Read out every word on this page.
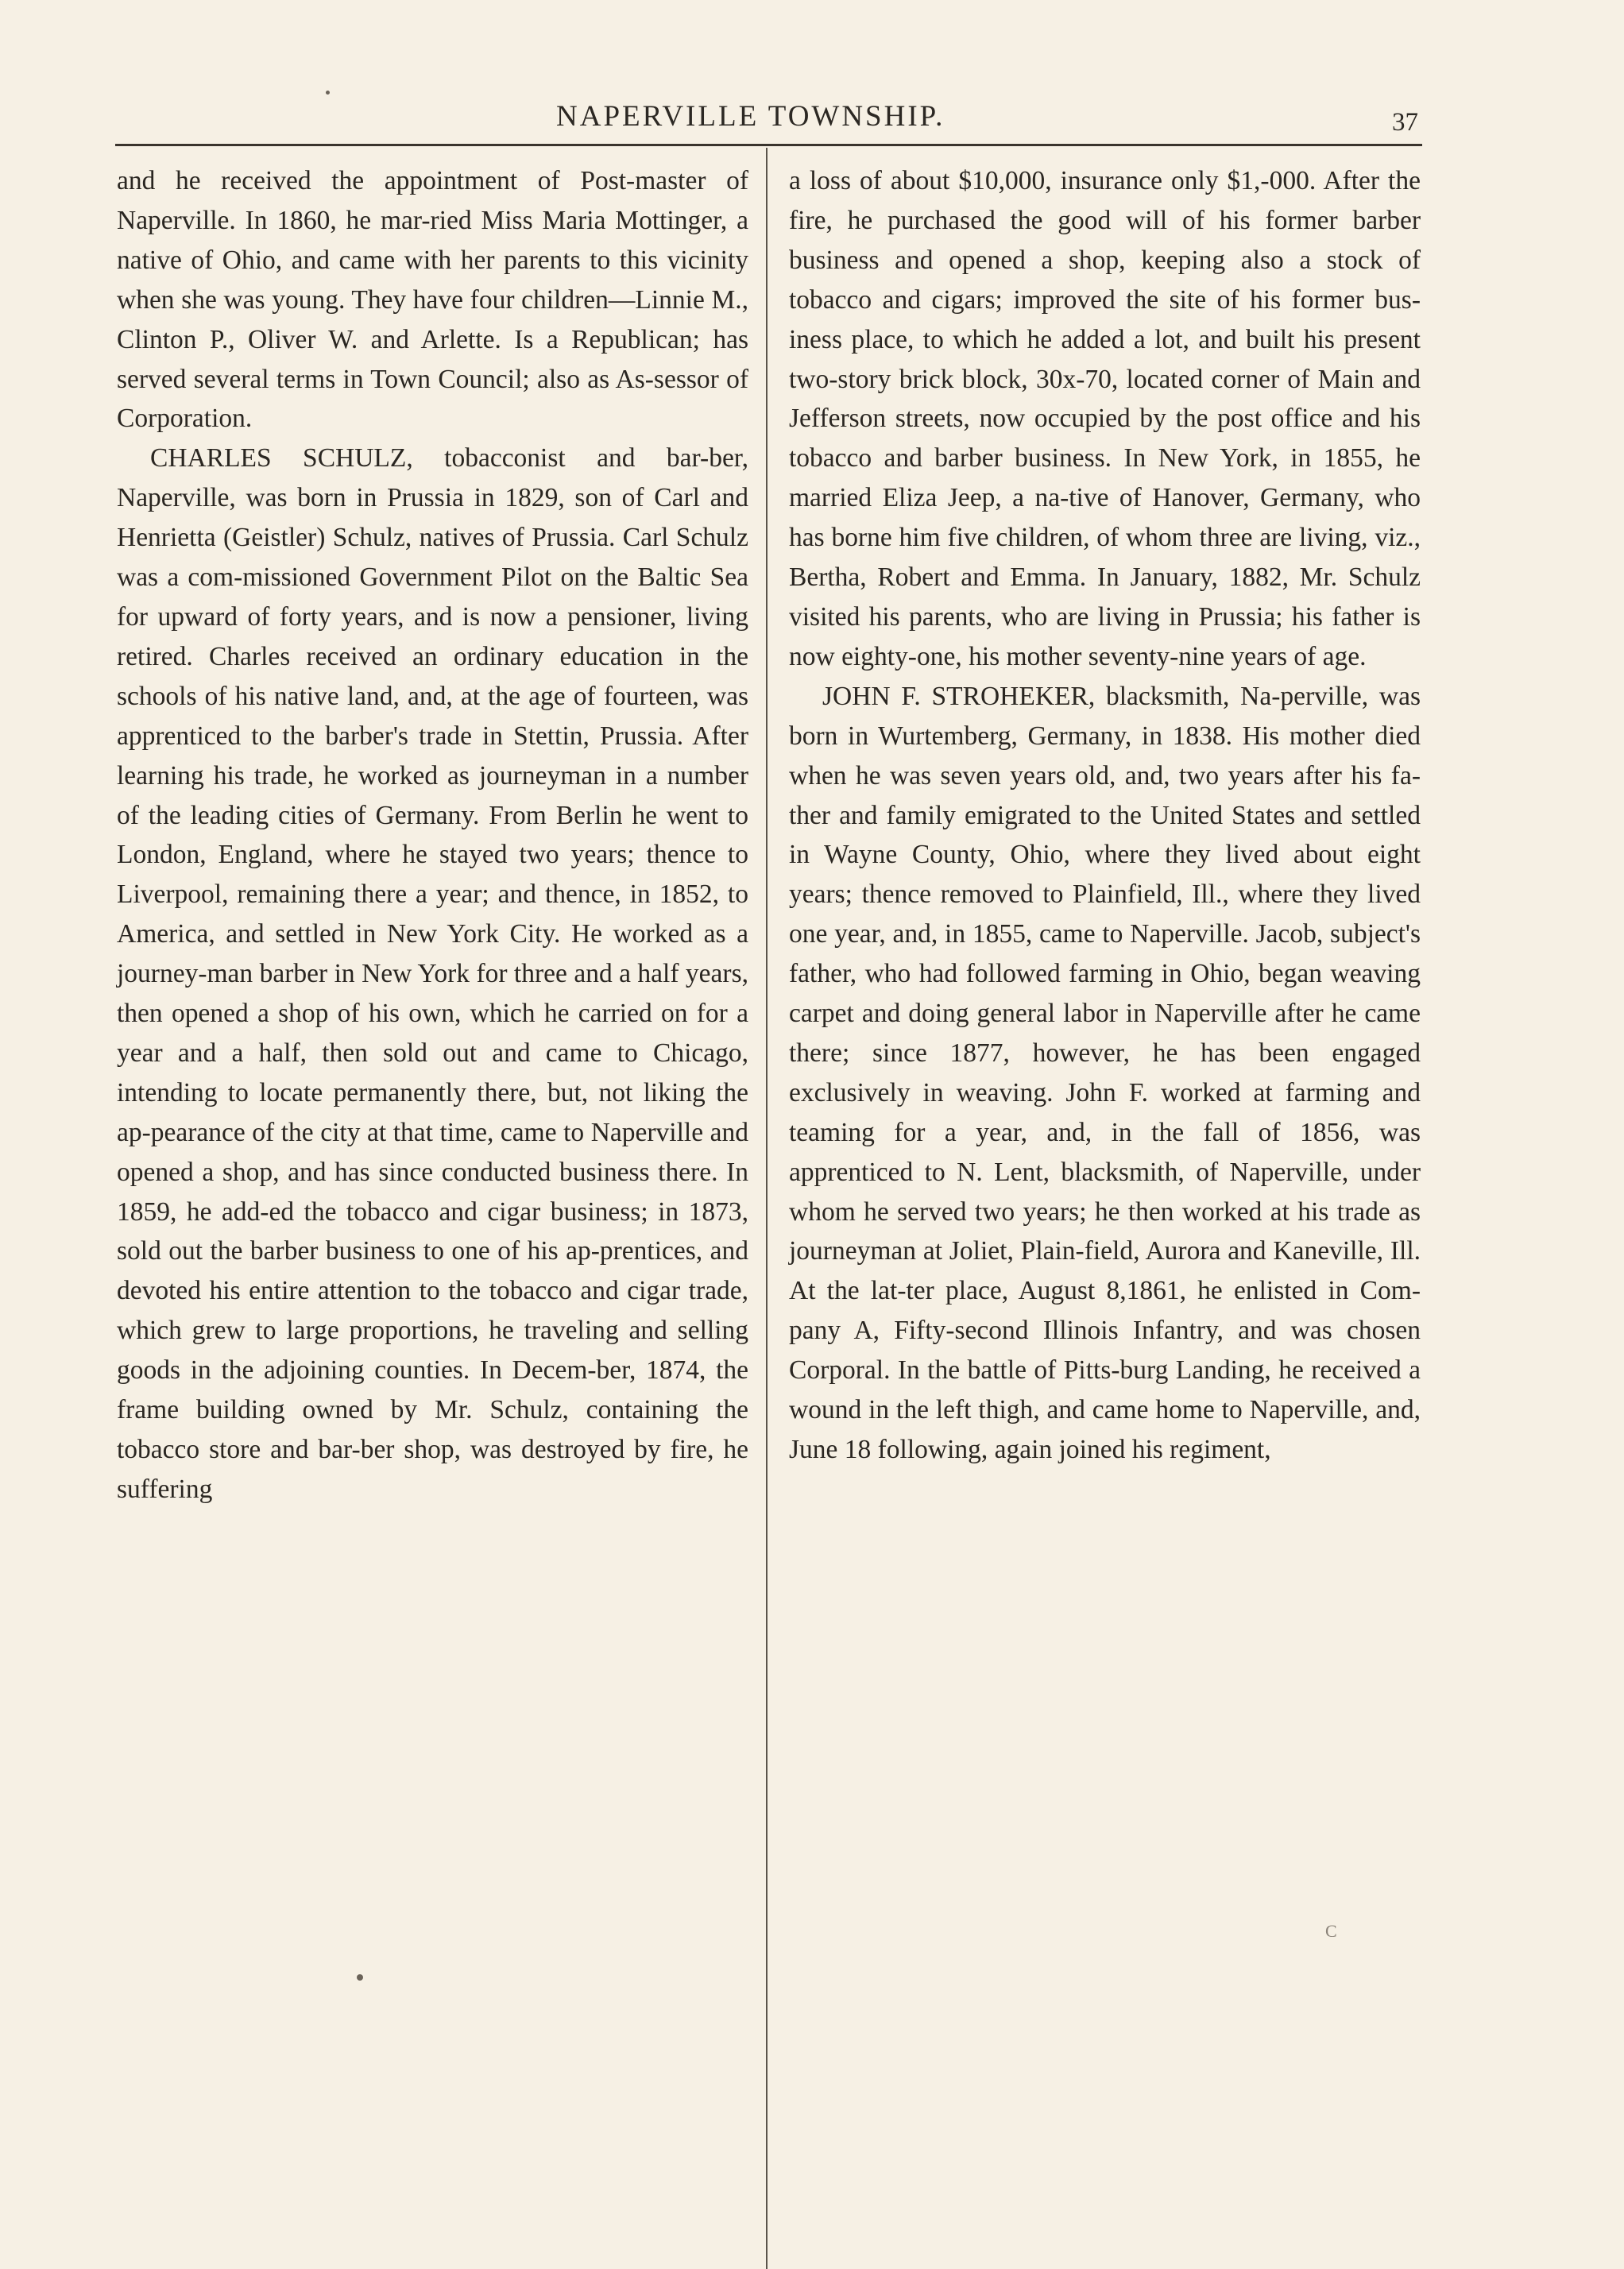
NAPERVILLE TOWNSHIP.	37

and he received the appointment of Post-master of Naperville. In 1860, he mar-ried Miss Maria Mottinger, a native of Ohio, and came with her parents to this vicinity when she was young. They have four children—Linnie M., Clinton P., Oliver W. and Arlette. Is a Republican; has served several terms in Town Council; also as As-sessor of Corporation.

CHARLES SCHULZ, tobacconist and bar-ber, Naperville, was born in Prussia in 1829, son of Carl and Henrietta (Geistler) Schulz, natives of Prussia. Carl Schulz was a com-missioned Government Pilot on the Baltic Sea for upward of forty years, and is now a pensioner, living retired. Charles received an ordinary education in the schools of his native land, and, at the age of fourteen, was apprenticed to the barber's trade in Stettin, Prussia. After learning his trade, he worked as journeyman in a number of the leading cities of Germany. From Berlin he went to London, England, where he stayed two years; thence to Liverpool, remaining there a year; and thence, in 1852, to America, and settled in New York City. He worked as a journey-man barber in New York for three and a half years, then opened a shop of his own, which he carried on for a year and a half, then sold out and came to Chicago, intending to locate permanently there, but, not liking the ap-pearance of the city at that time, came to Naperville and opened a shop, and has since conducted business there. In 1859, he add-ed the tobacco and cigar business; in 1873, sold out the barber business to one of his ap-prentices, and devoted his entire attention to the tobacco and cigar trade, which grew to large proportions, he traveling and selling goods in the adjoining counties. In Decem-ber, 1874, the frame building owned by Mr. Schulz, containing the tobacco store and bar-ber shop, was destroyed by fire, he suffering

a loss of about $10,000, insurance only $1,-000. After the fire, he purchased the good will of his former barber business and opened a shop, keeping also a stock of tobacco and cigars; improved the site of his former bus-iness place, to which he added a lot, and built his present two-story brick block, 30x-70, located corner of Main and Jefferson streets, now occupied by the post office and his tobacco and barber business. In New York, in 1855, he married Eliza Jeep, a na-tive of Hanover, Germany, who has borne him five children, of whom three are living, viz., Bertha, Robert and Emma. In January, 1882, Mr. Schulz visited his parents, who are living in Prussia; his father is now eighty-one, his mother seventy-nine years of age.

JOHN F. STROHEKER, blacksmith, Na-perville, was born in Wurtemberg, Germany, in 1838. His mother died when he was seven years old, and, two years after his fa-ther and family emigrated to the United States and settled in Wayne County, Ohio, where they lived about eight years; thence removed to Plainfield, Ill., where they lived one year, and, in 1855, came to Naperville. Jacob, subject's father, who had followed farming in Ohio, began weaving carpet and doing general labor in Naperville after he came there; since 1877, however, he has been engaged exclusively in weaving. John F. worked at farming and teaming for a year, and, in the fall of 1856, was apprenticed to N. Lent, blacksmith, of Naperville, under whom he served two years; he then worked at his trade as journeyman at Joliet, Plain-field, Aurora and Kaneville, Ill. At the lat-ter place, August 8,1861, he enlisted in Com-pany A, Fifty-second Illinois Infantry, and was chosen Corporal. In the battle of Pitts-burg Landing, he received a wound in the left thigh, and came home to Naperville, and, June 18 following, again joined his regiment,

C
